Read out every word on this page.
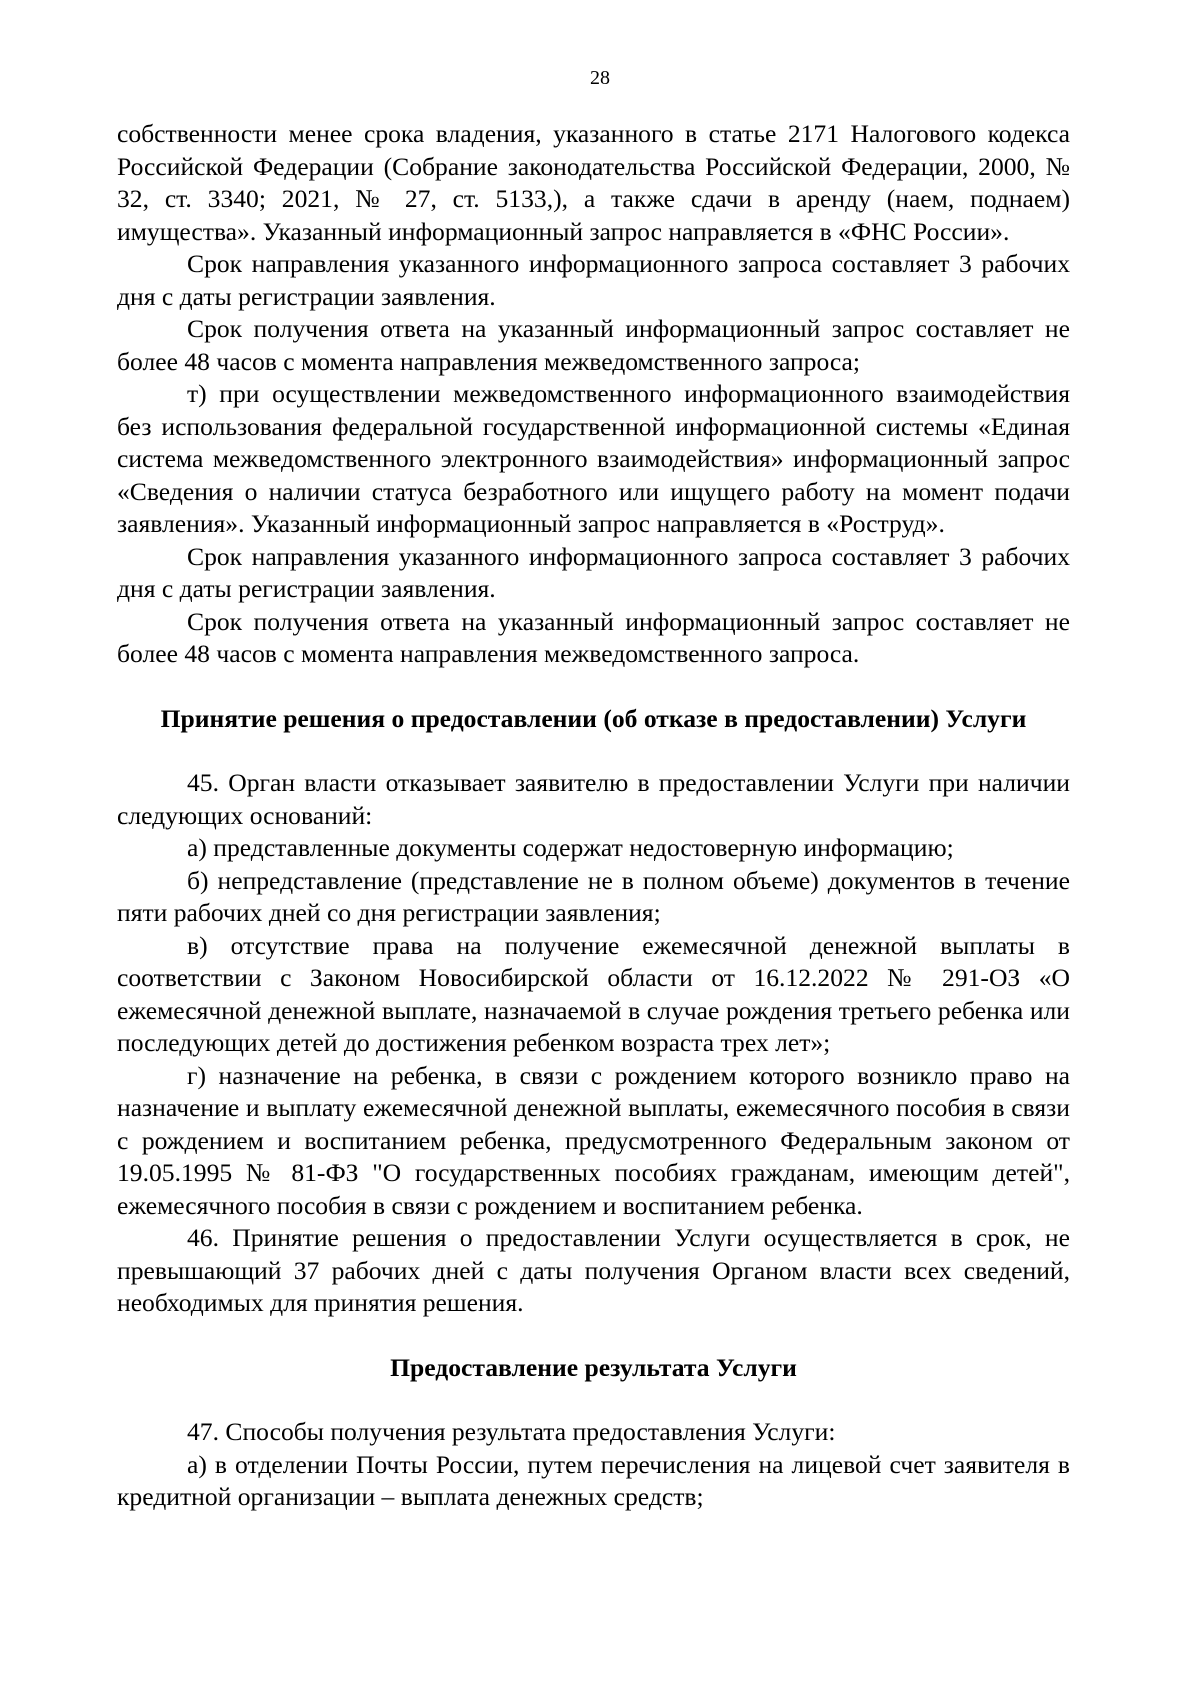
28

собственности менее срока владения, указанного в статье 2171 Налогового кодекса Российской Федерации (Собрание законодательства Российской Федерации, 2000, № 32, ст. 3340; 2021, № 27, ст. 5133,), а также сдачи в аренду (наем, поднаем) имущества». Указанный информационный запрос направляется в «ФНС России».

Срок направления указанного информационного запроса составляет 3 рабочих дня с даты регистрации заявления.

Срок получения ответа на указанный информационный запрос составляет не более 48 часов с момента направления межведомственного запроса;

т) при осуществлении межведомственного информационного взаимодействия без использования федеральной государственной информационной системы «Единая система межведомственного электронного взаимодействия» информационный запрос «Сведения о наличии статуса безработного или ищущего работу на момент подачи заявления». Указанный информационный запрос направляется в «Роструд».

Срок направления указанного информационного запроса составляет 3 рабочих дня с даты регистрации заявления.

Срок получения ответа на указанный информационный запрос составляет не более 48 часов с момента направления межведомственного запроса.

Принятие решения о предоставлении (об отказе в предоставлении) Услуги

45. Орган власти отказывает заявителю в предоставлении Услуги при наличии следующих оснований:

а) представленные документы содержат недостоверную информацию;

б) непредставление (представление не в полном объеме) документов в течение пяти рабочих дней со дня регистрации заявления;

в) отсутствие права на получение ежемесячной денежной выплаты в соответствии с Законом Новосибирской области от 16.12.2022 № 291-ОЗ «О ежемесячной денежной выплате, назначаемой в случае рождения третьего ребенка или последующих детей до достижения ребенком возраста трех лет»;

г) назначение на ребенка, в связи с рождением которого возникло право на назначение и выплату ежемесячной денежной выплаты, ежемесячного пособия в связи с рождением и воспитанием ребенка, предусмотренного Федеральным законом от 19.05.1995 № 81-ФЗ "О государственных пособиях гражданам, имеющим детей", ежемесячного пособия в связи с рождением и воспитанием ребенка.

46. Принятие решения о предоставлении Услуги осуществляется в срок, не превышающий 37 рабочих дней с даты получения Органом власти всех сведений, необходимых для принятия решения.

Предоставление результата Услуги

47. Способы получения результата предоставления Услуги:

а) в отделении Почты России, путем перечисления на лицевой счет заявителя в кредитной организации – выплата денежных средств;
